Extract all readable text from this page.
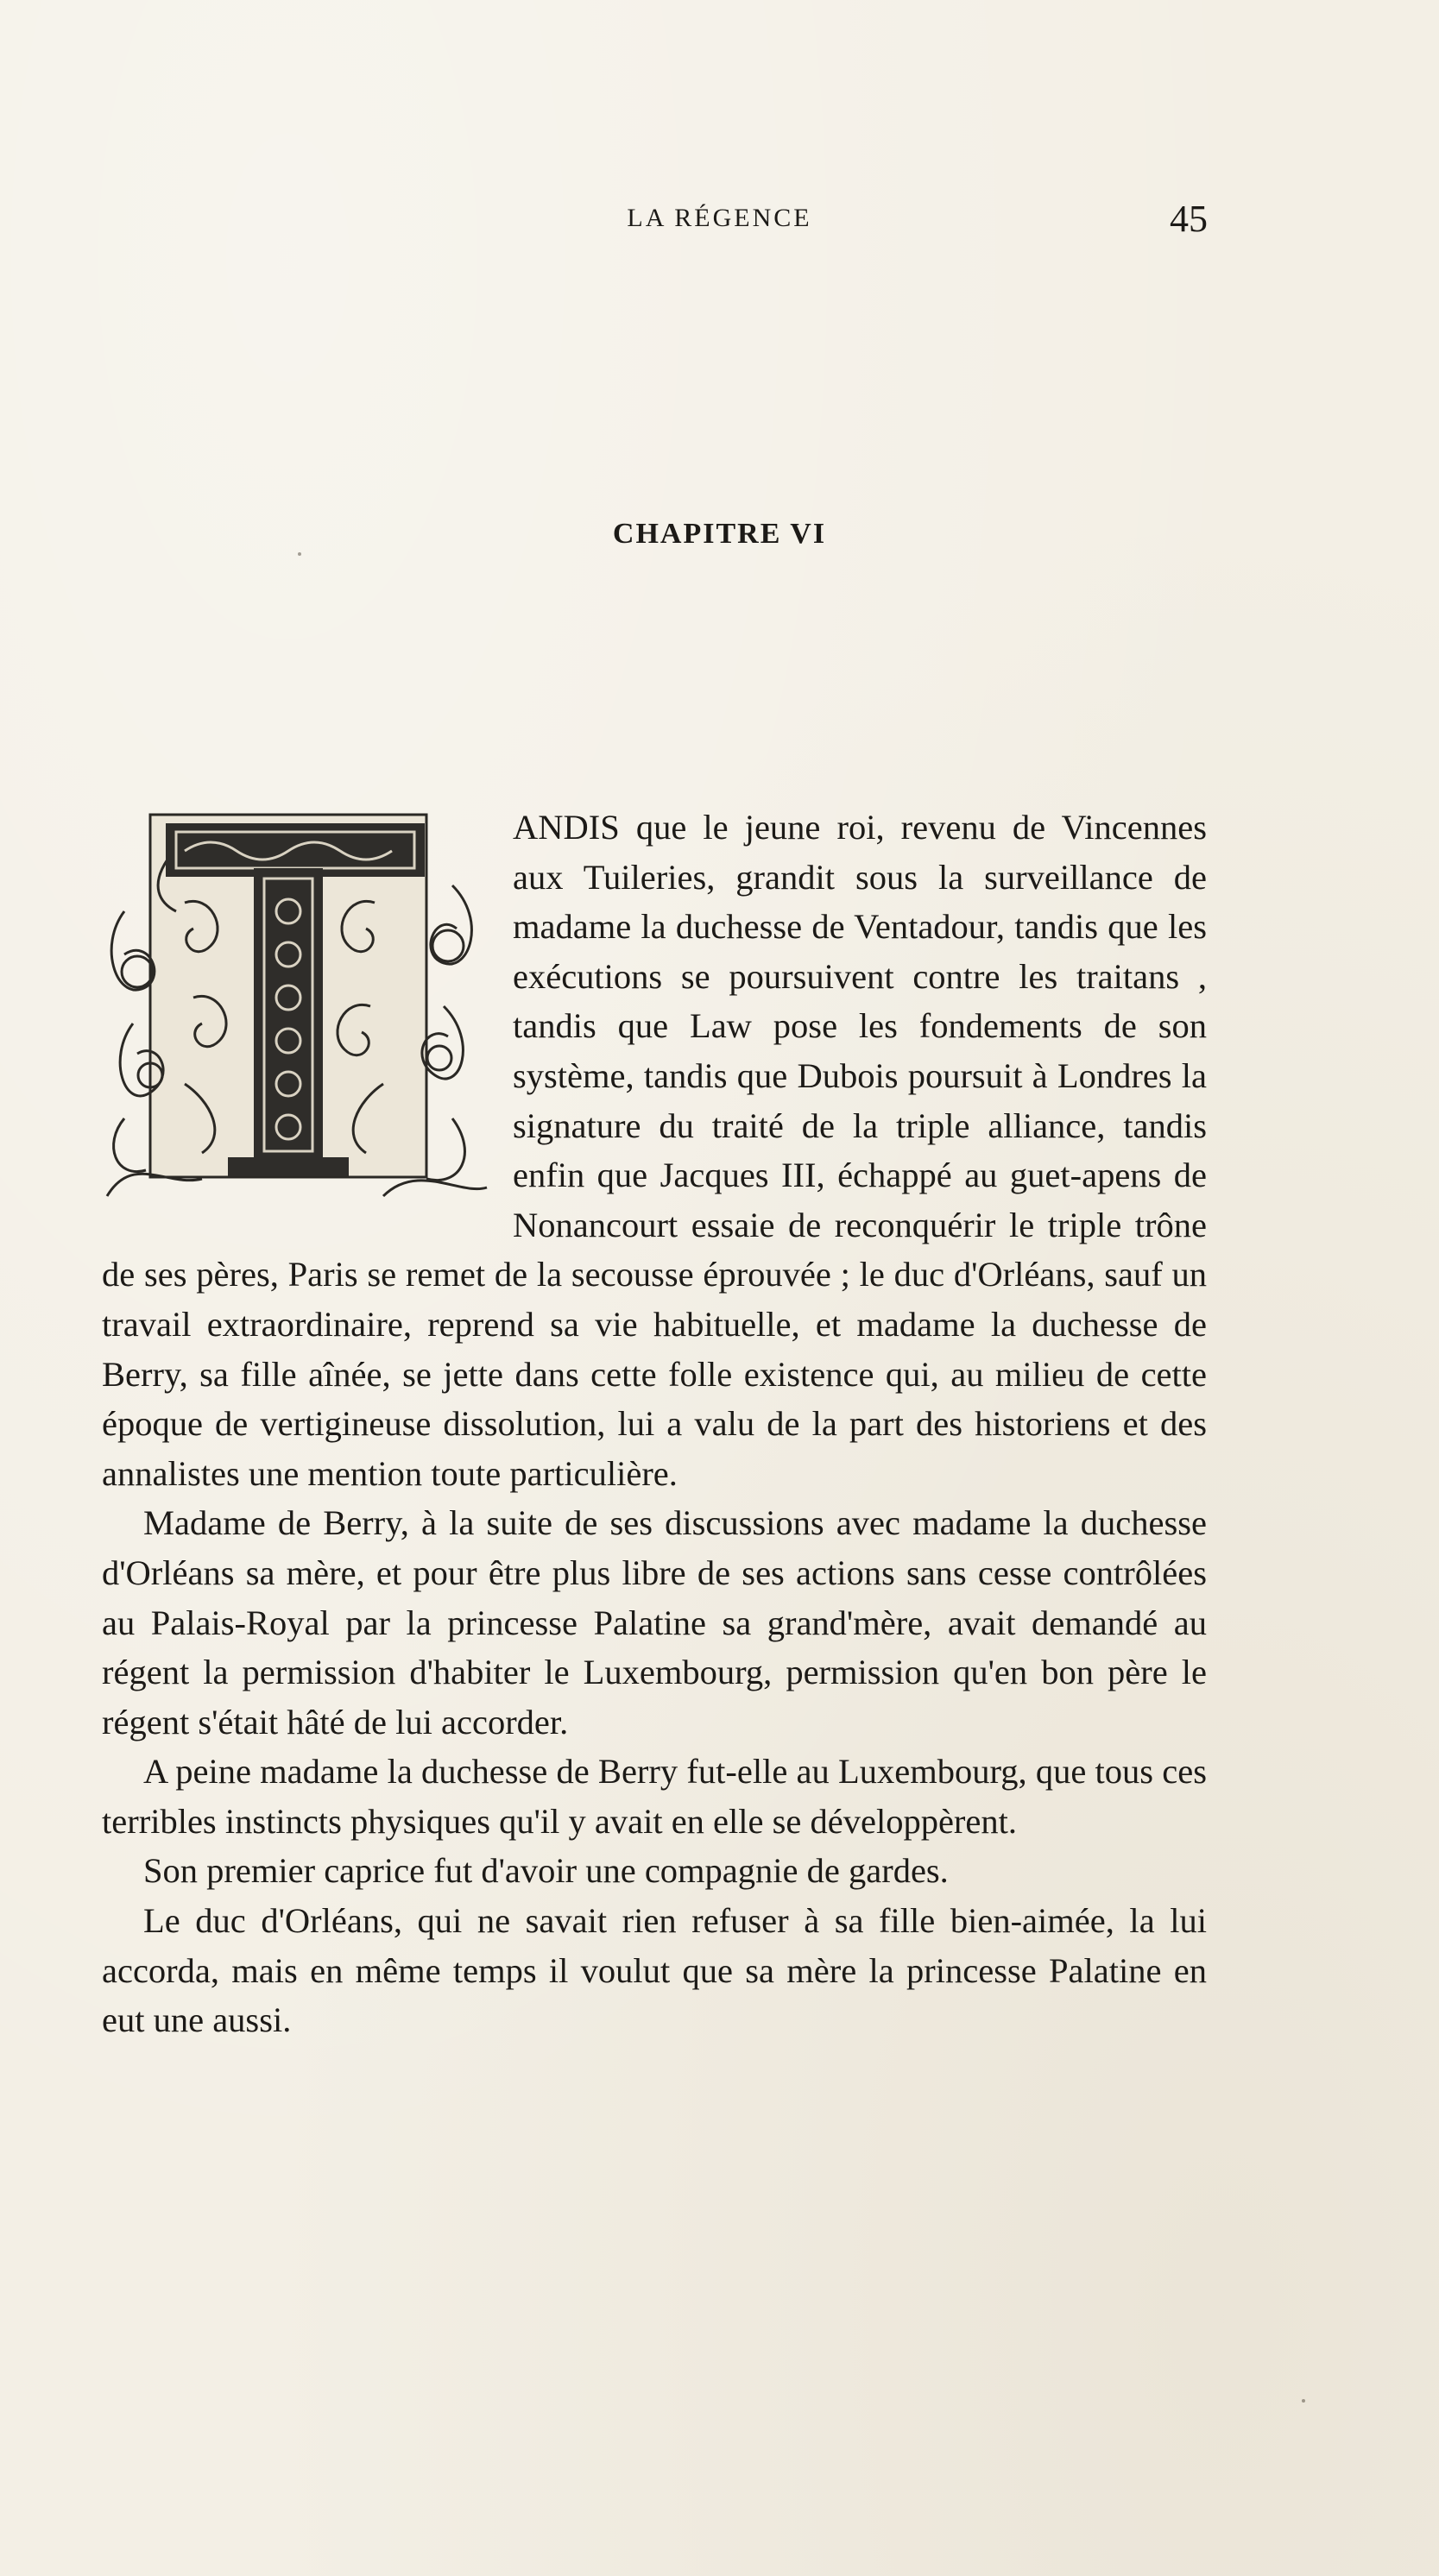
LA RÉGENCE	45
CHAPITRE VI

ANDIS que le jeune roi, revenu de Vincennes aux Tuileries, grandit sous la surveillance de madame la duchesse de Ventadour, tandis que les exécutions se poursuivent contre les traitans , tandis que Law pose les fondements de son système, tandis que Dubois poursuit à Londres la signature du traité de la triple alliance, tandis enfin que Jacques III, échappé au guet-apens de Nonancourt essaie de reconquérir le triple trône de ses pères, Paris se remet de la secousse éprouvée ; le duc d'Orléans, sauf un travail extraordinaire, reprend sa vie habituelle, et madame la duchesse de Berry, sa fille aînée, se jette dans cette folle existence qui, au milieu de cette époque de vertigineuse dissolution, lui a valu de la part des historiens et des annalistes une mention toute particulière.

Madame de Berry, à la suite de ses discussions avec madame la duchesse d'Orléans sa mère, et pour être plus libre de ses actions sans cesse contrôlées au Palais-Royal par la princesse Palatine sa grand'mère, avait demandé au régent la permission d'habiter le Luxembourg, permission qu'en bon père le régent s'était hâté de lui accorder.

A peine madame la duchesse de Berry fut-elle au Luxembourg, que tous ces terribles instincts physiques qu'il y avait en elle se développèrent.

Son premier caprice fut d'avoir une compagnie de gardes.

Le duc d'Orléans, qui ne savait rien refuser à sa fille bien-aimée, la lui accorda, mais en même temps il voulut que sa mère la princesse Palatine en eut une aussi.
